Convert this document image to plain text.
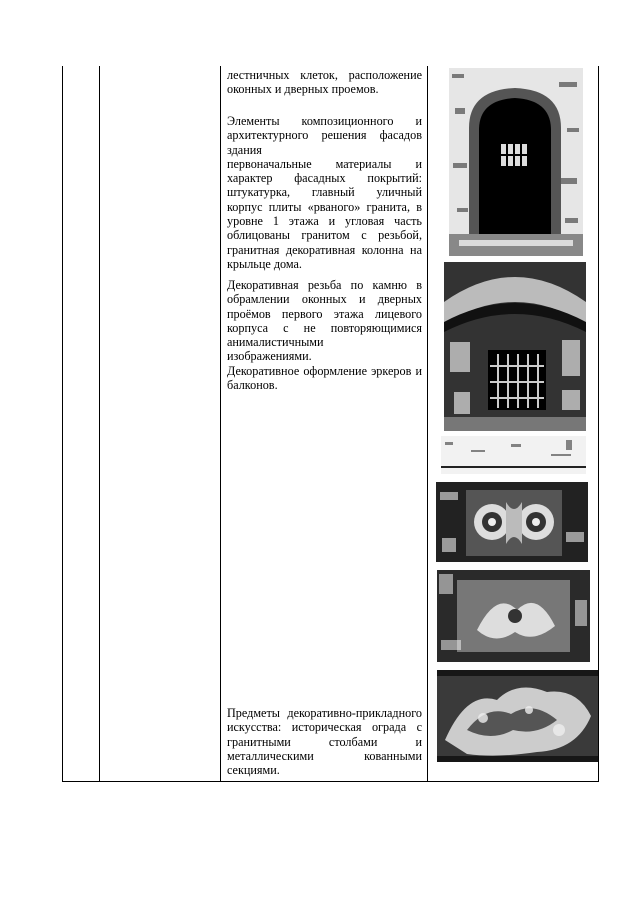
лестничных клеток, расположение оконных и дверных проемов.

Элементы композиционного и архитектурного решения фасадов здания
первоначальные материалы и характер фасадных покрытий: штукатурка, главный уличный корпус плиты «рваного» гранита, в уровне 1 этажа и угловая часть облицованы гранитом с резьбой, гранитная декоративная колонна на крыльце дома.

Декоративная резьба по камню в обрамлении оконных и дверных проёмов первого этажа лицевого корпуса с не повторяющимися анималистичными
изображениями.

Декоративное оформление эркеров и балконов.

Предметы декоративно-прикладного искусства: историческая ограда с гранитными столбами и металлическими кованными секциями.
